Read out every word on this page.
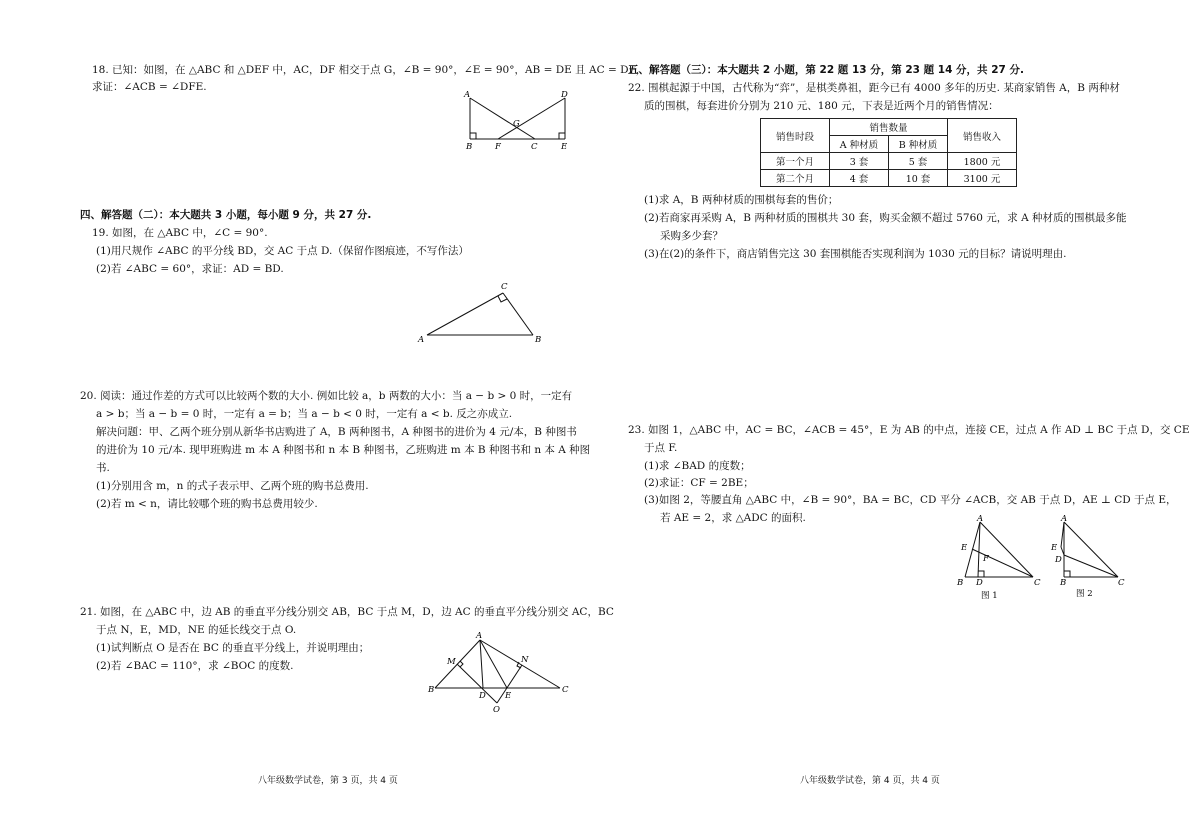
18. 已知：如图，在 △ABC 和 △DEF 中，AC，DF 相交于点 G，∠B = 90°，∠E = 90°，AB = DE 且 AC = DF，
求证：∠ACB = ∠DFE.
A	D
G
B	F	C	E
四、解答题（二）：本大题共 3 小题，每小题 9 分，共 27 分.
19. 如图，在 △ABC 中，∠C = 90°.
(1)用尺规作 ∠ABC 的平分线 BD，交 AC 于点 D.（保留作图痕迹，不写作法）
(2)若 ∠ABC = 60°，求证：AD = BD.
A	B
C
20. 阅读：通过作差的方式可以比较两个数的大小. 例如比较 a，b 两数的大小：当 a − b > 0 时，一定有
a > b；当 a − b = 0 时，一定有 a = b；当 a − b < 0 时，一定有 a < b. 反之亦成立.
解决问题：甲、乙两个班分别从新华书店购进了 A，B 两种图书，A 种图书的进价为 4 元/本，B 种图书
的进价为 10 元/本. 现甲班购进 m 本 A 种图书和 n 本 B 种图书，乙班购进 m 本 B 种图书和 n 本 A 种图
书.
(1)分别用含 m，n 的式子表示甲、乙两个班的购书总费用.
(2)若 m < n，请比较哪个班的购书总费用较少.
21. 如图，在 △ABC 中，边 AB 的垂直平分线分别交 AB，BC 于点 M，D，边 AC 的垂直平分线分别交 AC，BC
于点 N，E，MD，NE 的延长线交于点 O.
(1)试判断点 O 是否在 BC 的垂直平分线上，并说明理由；
(2)若 ∠BAC = 110°，求 ∠BOC 的度数.
A
M	N
B
D E
C
O
八年级数学试卷，第 3 页，共 4 页
五、解答题（三）：本大题共 2 小题，第 22 题 13 分，第 23 题 14 分，共 27 分.
22. 围棋起源于中国，古代称为“弈”，是棋类鼻祖，距今已有 4000 多年的历史. 某商家销售 A，B 两种材
质的围棋，每套进价分别为 210 元、180 元，下表是近两个月的销售情况：
销售时段	销售数量		销售收入
	A 种材质	B 种材质	
第一个月	3 套	5 套	1800 元
第二个月	4 套	10 套	3100 元
(1)求 A，B 两种材质的围棋每套的售价；
(2)若商家再采购 A，B 两种材质的围棋共 30 套，购买金额不超过 5760 元，求 A 种材质的围棋最多能
采购多少套？
(3)在(2)的条件下，商店销售完这 30 套围棋能否实现利润为 1030 元的目标？请说明理由.
23. 如图 1，△ABC 中，AC = BC，∠ACB = 45°，E 为 AB 的中点，连接 CE，过点 A 作 AD ⊥ BC 于点 D，交 CE
于点 F.
(1)求 ∠BAD 的度数；
(2)求证：CF = 2BE；
(3)如图 2，等腰直角 △ABC 中，∠B = 90°，BA = BC，CD 平分 ∠ACB，交 AB 于点 D，AE ⊥ CD 于点 E，
若 AE = 2，求 △ADC 的面积.	A
E
F
B D	C
图 1
A
E
D
B	C
图 2
八年级数学试卷，第 4 页，共 4 页
